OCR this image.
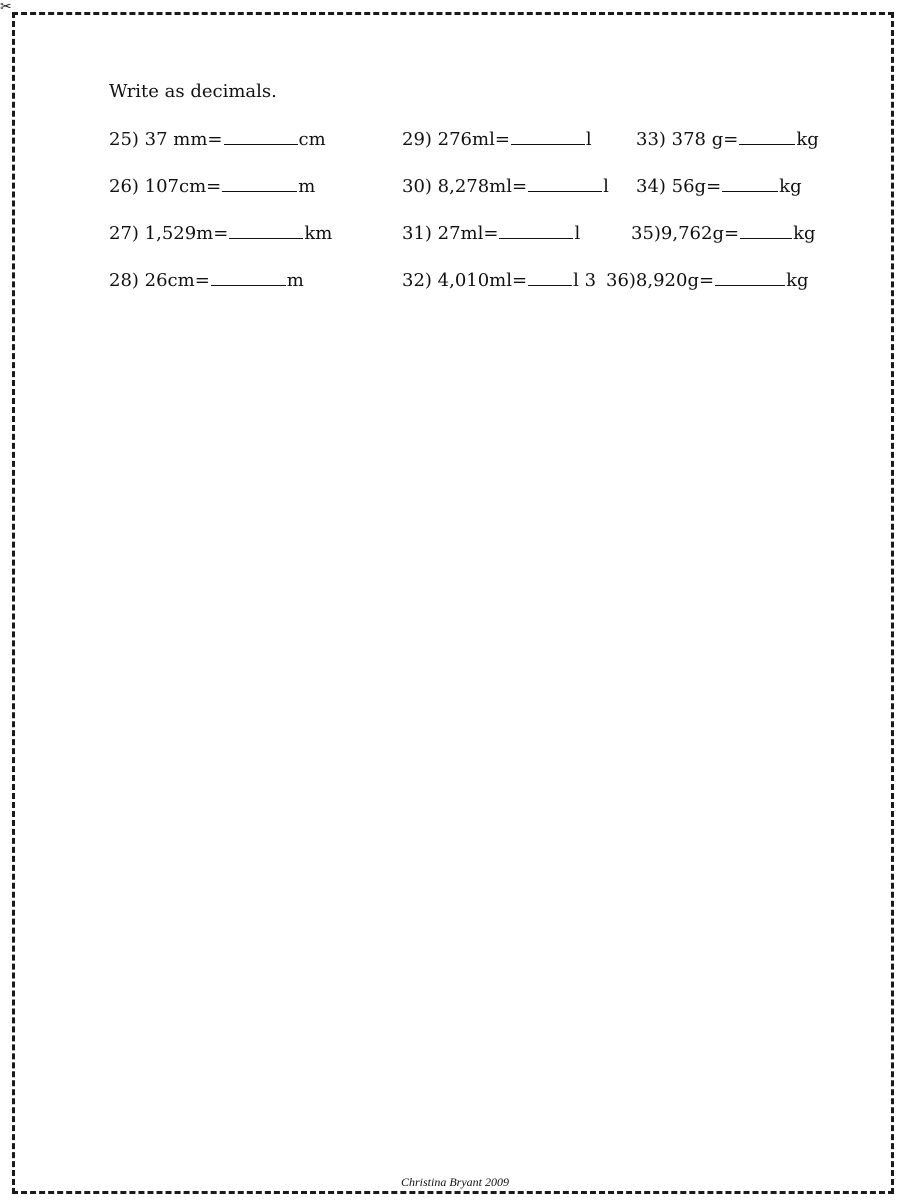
✂
Write as decimals.
25) 37 mm=	cm
26) 107cm=	m
27) 1,529m=	km
28) 26cm=	m
29) 276ml=	l
30) 8,278ml=	l
31) 27ml=	l
32) 4,010ml=	l 3
33) 378 g=	kg
34) 56g=	kg
35)9,762g=	kg
36)8,920g=	kg
Christina Bryant 2009
